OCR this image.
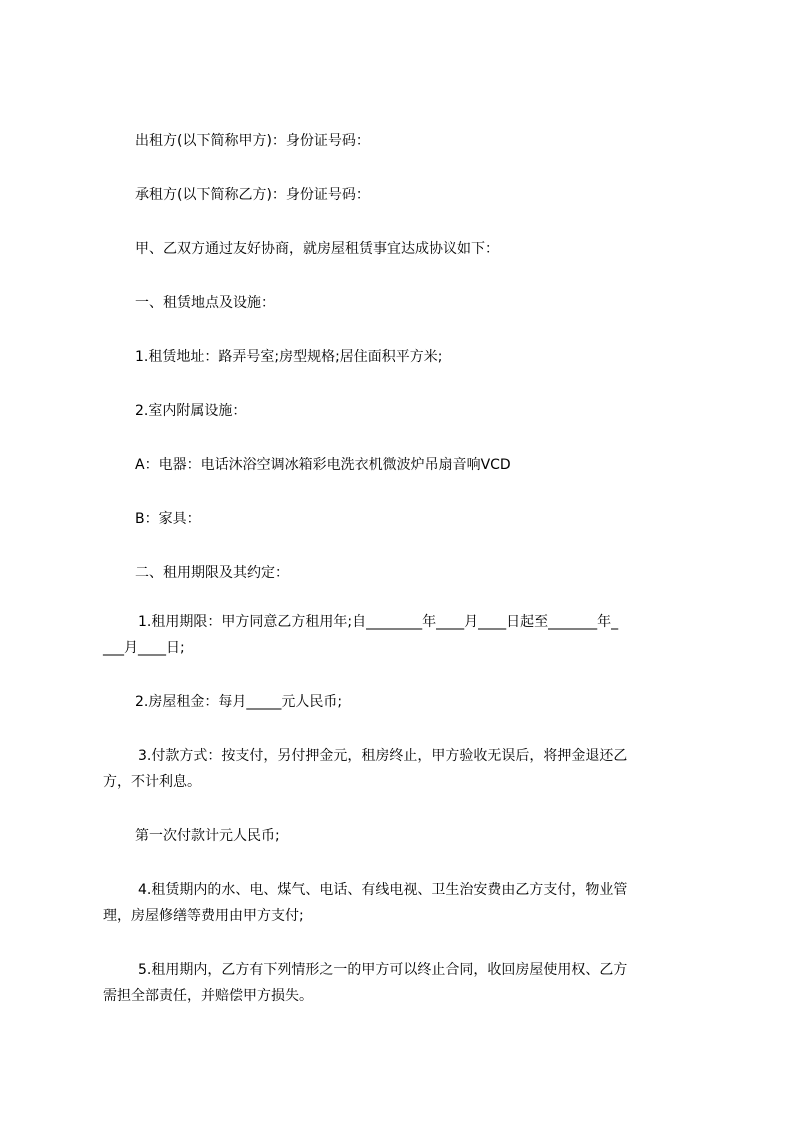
出租方(以下简称甲方)：身份证号码：

承租方(以下简称乙方)：身份证号码：

甲、乙双方通过友好协商，就房屋租赁事宜达成协议如下：

一、租赁地点及设施：

1.租赁地址：路弄号室;房型规格;居住面积平方米;

2.室内附属设施：

A：电器：电话沐浴空调冰箱彩电洗衣机微波炉吊扇音响VCD

B：家具：

二、租用期限及其约定：

1.租用期限：甲方同意乙方租用年;自________年____月____日起至_______年_

___月____日;

2.房屋租金：每月_____元人民币;

3.付款方式：按支付，另付押金元，租房终止，甲方验收无误后，将押金退还乙

方，不计利息。

第一次付款计元人民币;

4.租赁期内的水、电、煤气、电话、有线电视、卫生治安费由乙方支付，物业管

理，房屋修缮等费用由甲方支付;

5.租用期内，乙方有下列情形之一的甲方可以终止合同，收回房屋使用权、乙方

需担全部责任，并赔偿甲方损失。
